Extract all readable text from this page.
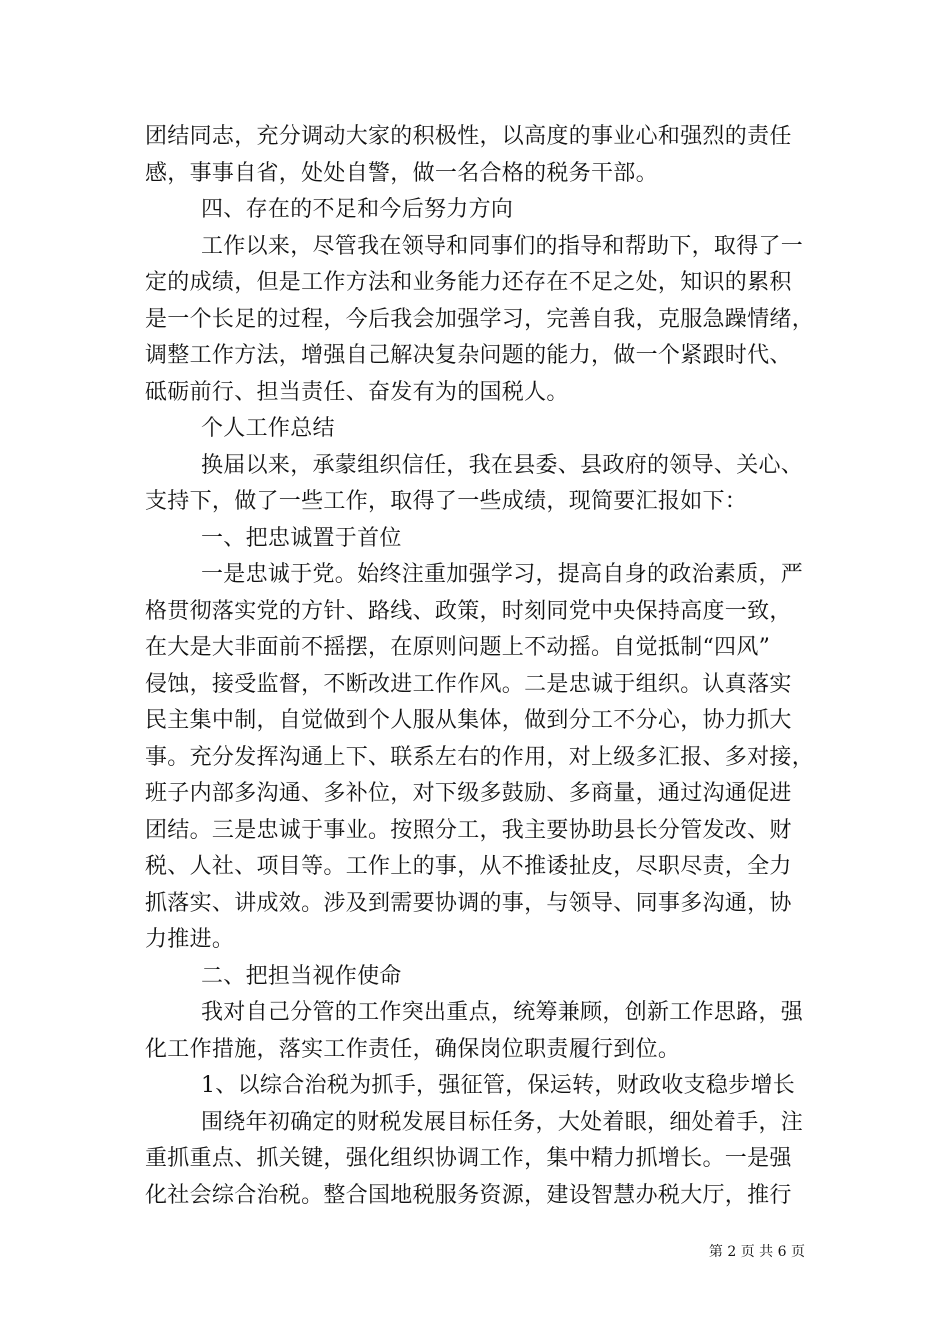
团结同志，充分调动大家的积极性，以高度的事业心和强烈的责任
感，事事自省，处处自警，做一名合格的税务干部。
四、存在的不足和今后努力方向
工作以来，尽管我在领导和同事们的指导和帮助下，取得了一
定的成绩，但是工作方法和业务能力还存在不足之处，知识的累积
是一个长足的过程，今后我会加强学习，完善自我，克服急躁情绪，
调整工作方法，增强自己解决复杂问题的能力，做一个紧跟时代、
砥砺前行、担当责任、奋发有为的国税人。
个人工作总结
换届以来，承蒙组织信任，我在县委、县政府的领导、关心、
支持下，做了一些工作，取得了一些成绩，现简要汇报如下：
一、把忠诚置于首位
一是忠诚于党。始终注重加强学习，提高自身的政治素质，严
格贯彻落实党的方针、路线、政策，时刻同党中央保持高度一致，
在大是大非面前不摇摆，在原则问题上不动摇。自觉抵制“四风”
侵蚀，接受监督，不断改进工作作风。二是忠诚于组织。认真落实
民主集中制，自觉做到个人服从集体，做到分工不分心，协力抓大
事。充分发挥沟通上下、联系左右的作用，对上级多汇报、多对接，
班子内部多沟通、多补位，对下级多鼓励、多商量，通过沟通促进
团结。三是忠诚于事业。按照分工，我主要协助县长分管发改、财
税、人社、项目等。工作上的事，从不推诿扯皮，尽职尽责，全力
抓落实、讲成效。涉及到需要协调的事，与领导、同事多沟通，协
力推进。
二、把担当视作使命
我对自己分管的工作突出重点，统筹兼顾，创新工作思路，强
化工作措施，落实工作责任，确保岗位职责履行到位。
1、以综合治税为抓手，强征管，保运转，财政收支稳步增长
围绕年初确定的财税发展目标任务，大处着眼，细处着手，注
重抓重点、抓关键，强化组织协调工作，集中精力抓增长。一是强
化社会综合治税。整合国地税服务资源，建设智慧办税大厅，推行
第 2 页 共 6 页
